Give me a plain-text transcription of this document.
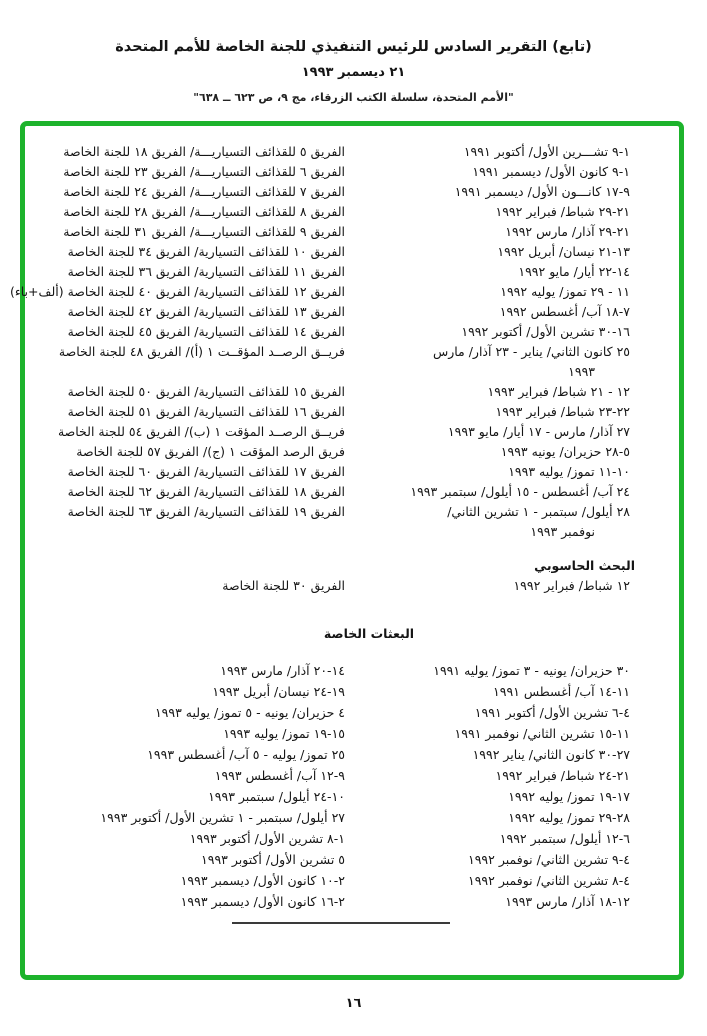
(تابع) التقرير السادس للرئيس التنفيذي للجنة الخاصة للأمم المتحدة
٢١ ديسمبر ١٩٩٣
"الأمم المتحدة، سلسلة الكتب الزرقاء، مج ٩، ص ٦٢٣ ــ ٦٣٨"
الفريق ٥ للقذائف التسياريـــة/ الفريق ١٨ للجنة الخاصة	١-٩ تشـــرين الأول/ أكتوبر ١٩٩١
الفريق ٦ للقذائف التسياريـــة/ الفريق ٢٣ للجنة الخاصة	١-٩ كانون الأول/ ديسمبر ١٩٩١
الفريق ٧ للقذائف التسياريـــة/ الفريق ٢٤ للجنة الخاصة	٩-١٧ كانـــون الأول/ ديسمبر ١٩٩١
الفريق ٨ للقذائف التسياريـــة/ الفريق ٢٨ للجنة الخاصة	٢١-٢٩ شباط/ فبراير ١٩٩٢
الفريق ٩ للقذائف التسياريـــة/ الفريق ٣١ للجنة الخاصة	٢١-٢٩ آذار/ مارس ١٩٩٢
الفريق ١٠ للقذائف التسيارية/ الفريق ٣٤ للجنة الخاصة	١٣-٢١ نيسان/ أبريل ١٩٩٢
الفريق ١١ للقذائف التسيارية/ الفريق ٣٦ للجنة الخاصة	١٤-٢٢ أيار/ مايو ١٩٩٢
الفريق ١٢ للقذائف التسيارية/ الفريق ٤٠ للجنة الخاصة (ألف+باء)	١١ - ٢٩ تموز/ يوليه ١٩٩٢
الفريق ١٣ للقذائف التسيارية/ الفريق ٤٢ للجنة الخاصة	٧-١٨ آب/ أغسطس ١٩٩٢
الفريق ١٤ للقذائف التسيارية/ الفريق ٤٥ للجنة الخاصة	١٦-٣٠ تشرين الأول/ أكتوبر ١٩٩٢
فريــق الرصــد المؤقــت ١ (أ)/ الفريق ٤٨ للجنة الخاصة	٢٥ كانون الثاني/ يناير - ٢٣ آذار/ مارس
١٩٩٣
الفريق ١٥ للقذائف التسيارية/ الفريق ٥٠ للجنة الخاصة	١٢ - ٢١ شباط/ فبراير ١٩٩٣
الفريق ١٦ للقذائف التسيارية/ الفريق ٥١ للجنة الخاصة	٢٢-٢٣ شباط/ فبراير ١٩٩٣
فريــق الرصــد المؤقت ١ (ب)/ الفريق ٥٤ للجنة الخاصة	٢٧ آذار/ مارس - ١٧ أيار/ مايو ١٩٩٣
فريق الرصد المؤقت ١ (ج)/ الفريق ٥٧ للجنة الخاصة	٥-٢٨ حزيران/ يونيه ١٩٩٣
الفريق ١٧ للقذائف التسيارية/ الفريق ٦٠ للجنة الخاصة	١٠-١١ تموز/ يوليه ١٩٩٣
الفريق ١٨ للقذائف التسيارية/ الفريق ٦٢ للجنة الخاصة	٢٤ آب/ أغسطس - ١٥ أيلول/ سبتمبر ١٩٩٣
الفريق ١٩ للقذائف التسيارية/ الفريق ٦٣ للجنة الخاصة	٢٨ أيلول/ سبتمبر - ١ تشرين الثاني/
نوفمبر ١٩٩٣
البحث الحاسوبي
الفريق ٣٠ للجنة الخاصة	١٢ شباط/ فبراير ١٩٩٢
البعثات الخاصة
١٤-٢٠ آذار/ مارس ١٩٩٣	٣٠ حزيران/ يونيه - ٣ تموز/ يوليه ١٩٩١
١٩-٢٤ نيسان/ أبريل ١٩٩٣	١١-١٤ آب/ أغسطس ١٩٩١
٤ حزيران/ يونيه - ٥ تموز/ يوليه ١٩٩٣	٤-٦ تشرين الأول/ أكتوبر ١٩٩١
١٥-١٩ تموز/ يوليه ١٩٩٣	١١-١٥ تشرين الثاني/ نوفمبر ١٩٩١
٢٥ تموز/ يوليه - ٥ آب/ أغسطس ١٩٩٣	٢٧-٣٠ كانون الثاني/ يناير ١٩٩٢
٩-١٢ آب/ أغسطس ١٩٩٣	٢١-٢٤ شباط/ فبراير ١٩٩٢
١٠-٢٤ أيلول/ سبتمبر ١٩٩٣	١٧-١٩ تموز/ يوليه ١٩٩٢
٢٧ أيلول/ سبتمبر - ١ تشرين الأول/ أكتوبر ١٩٩٣	٢٨-٢٩ تموز/ يوليه ١٩٩٢
١-٨ تشرين الأول/ أكتوبر ١٩٩٣	٦-١٢ أيلول/ سبتمبر ١٩٩٢
٥ تشرين الأول/ أكتوبر ١٩٩٣	٤-٩ تشرين الثاني/ نوفمبر ١٩٩٢
٢-١٠ كانون الأول/ ديسمبر ١٩٩٣	٤-٨ تشرين الثاني/ نوفمبر ١٩٩٢
٢-١٦ كانون الأول/ ديسمبر ١٩٩٣	١٢-١٨ آذار/ مارس ١٩٩٣
١٦
